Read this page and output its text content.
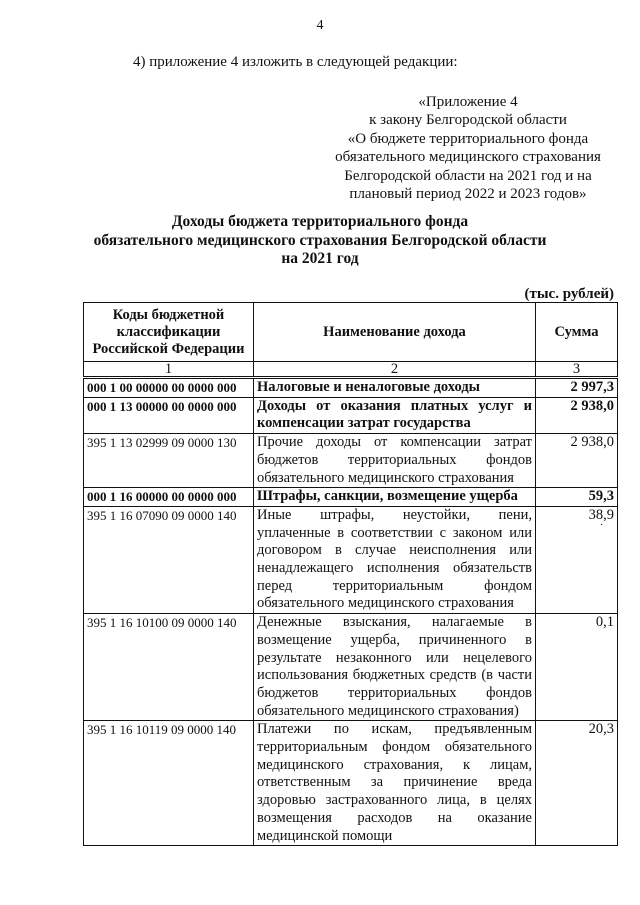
4
4) приложение 4 изложить в следующей редакции:
«Приложение 4
к закону Белгородской области
«О бюджете территориального фонда
обязательного медицинского страхования
Белгородской области на 2021 год и на
плановый период 2022 и 2023 годов»
Доходы бюджета территориального фонда
обязательного медицинского страхования Белгородской области
на 2021 год
(тыс. рублей)
Коды бюджетной классификации Российской Федерации	Наименование дохода	Сумма
1	2	3
000 1 00 00000 00 0000 000	Налоговые и неналоговые доходы	2 997,3
000 1 13 00000 00 0000 000	Доходы от оказания платных услуг и компенсации затрат государства	2 938,0
395 1 13 02999 09 0000 130	Прочие доходы от компенсации затрат бюджетов территориальных фондов обязательного медицинского страхования	2 938,0
000 1 16 00000 00 0000 000	Штрафы, санкции, возмещение ущерба	59,3
395 1 16 07090 09 0000 140	Иные штрафы, неустойки, пени, уплаченные в соответствии с законом или договором в случае неисполнения или ненадлежащего исполнения обязательств перед территориальным фондом обязательного медицинского страхования	38,9
395 1 16 10100 09 0000 140	Денежные взыскания, налагаемые в возмещение ущерба, причиненного в результате незаконного или нецелевого использования бюджетных средств (в части бюджетов территориальных фондов обязательного медицинского страхования)	0,1
395 1 16 10119 09 0000 140	Платежи по искам, предъявленным территориальным фондом обязательного медицинского страхования, к лицам, ответственным за причинение вреда здоровью застрахованного лица, в целях возмещения расходов на оказание медицинской помощи	20,3
·
